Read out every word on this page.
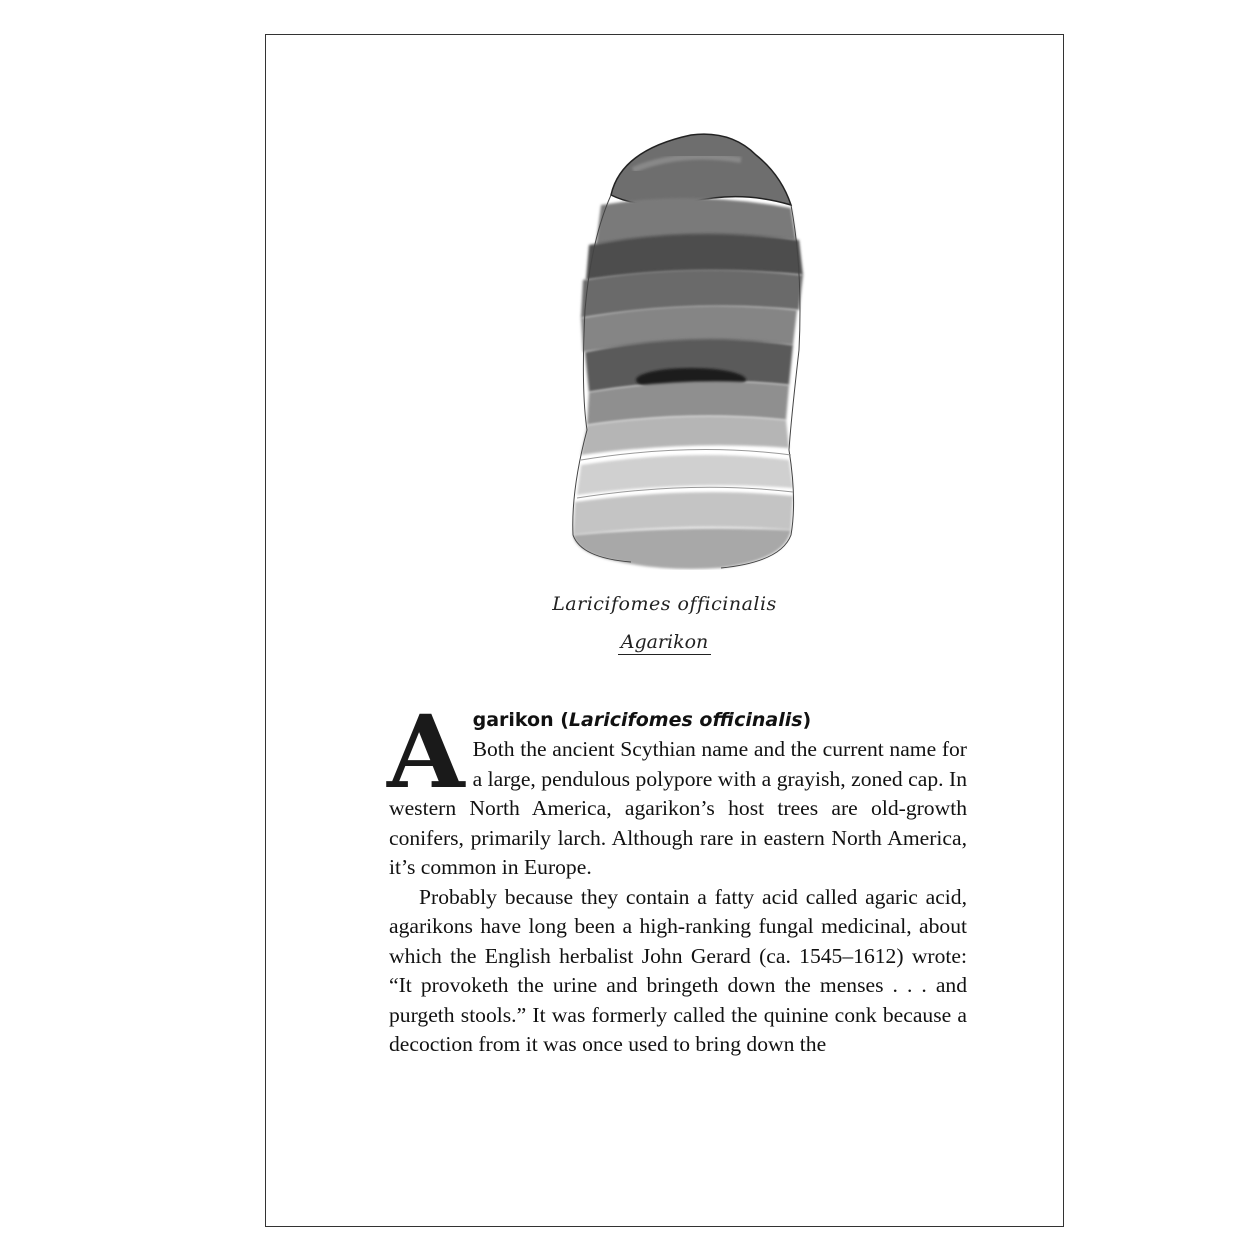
Laricifomes officinalis
Agarikon
A garikon (Laricifomes officinalis)

Both the ancient Scythian name and the current name for a large, pendulous polypore with a grayish, zoned cap. In western North America, agarikon’s host trees are old-growth conifers, primarily larch. Although rare in eastern North America, it’s common in Europe.

Probably because they contain a fatty acid called agaric acid, agarikons have long been a high-ranking fungal medicinal, about which the English herbalist John Gerard (ca. 1545–1612) wrote: “It provoketh the urine and bringeth down the menses . . . and purgeth stools.” It was formerly called the quinine conk because a decoction from it was once used to bring down the
